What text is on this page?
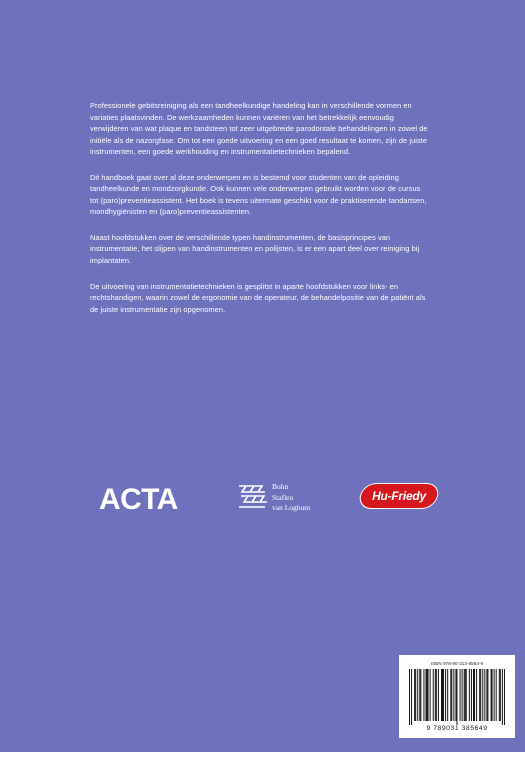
Professionele gebitsreiniging als een tandheelkundige handeling kan in verschillende vormen en variaties plaatsvinden. De werkzaamheden kunnen variëren van het betrekkelijk eenvoudig verwijderen van wat plaque en tandsteen tot zeer uitgebreide parodontale behandelingen in zowel de initiële als de nazorgfase. Om tot een goede uitvoering en een goed resultaat te komen, zijn de juiste instrumenten, een goede werkhouding en instrumentatietechnieken bepalend.

Dit handboek gaat over al deze onderwerpen en is bestemd voor studenten van de opleiding tandheelkunde en mondzorgkunde. Ook kunnen vele onderwerpen gebruikt worden voor de cursus tot (paro)preventieassistent. Het boek is tevens uitermate geschikt voor de praktiserende tandartsen, mondhygiënisten en (paro)preventieassistenten.

Naast hoofdstukken over de verschillende typen handinstrumenten, de basisprincipes van instrumentatie, het slijpen van handinstrumenten en polijsten, is er een apart deel over reiniging bij implantaten.

De uitvoering van instrumentatietechnieken is gesplitst in aparte hoofdstukken voor links- en rechtshandigen, waarin zowel de ergonomie van de operateur, de behandelpositie van de patiënt als de juiste instrumentatie zijn opgenomen.

ACTA	Bohn
Stafleu
van Loghum
Hu-Friedy
ISBN 978-90-313-8564-9
9 789031 385649
